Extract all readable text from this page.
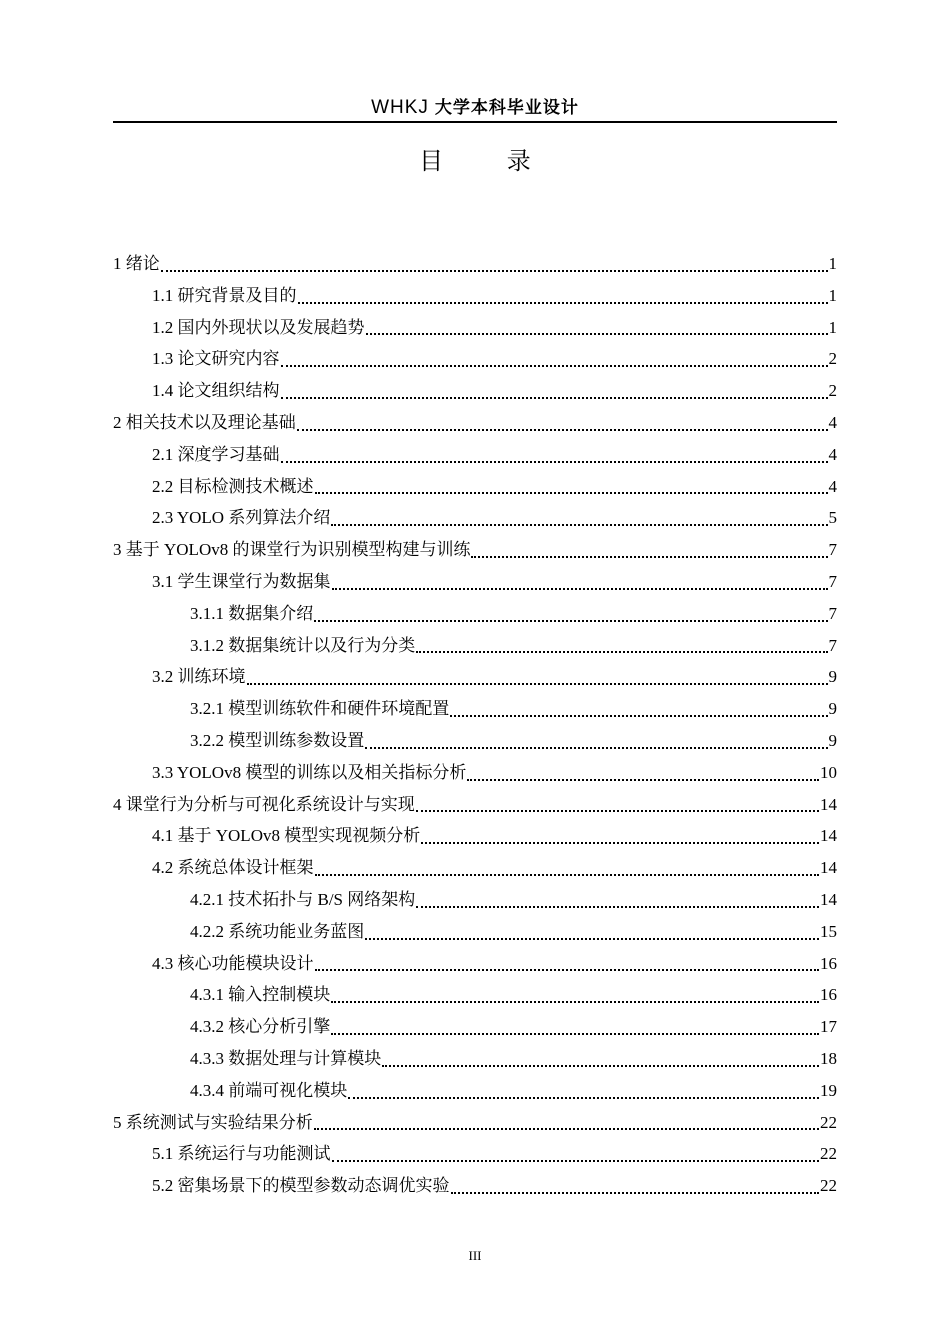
WHKJ 大学本科毕业设计
目 录
1 绪论	1
1.1 研究背景及目的	1
1.2 国内外现状以及发展趋势	1
1.3 论文研究内容	2
1.4 论文组织结构	2
2 相关技术以及理论基础	4
2.1 深度学习基础	4
2.2 目标检测技术概述	4
2.3 YOLO 系列算法介绍	5
3 基于 YOLOv8 的课堂行为识别模型构建与训练	7
3.1 学生课堂行为数据集	7
3.1.1 数据集介绍	7
3.1.2 数据集统计以及行为分类	7
3.2 训练环境	9
3.2.1 模型训练软件和硬件环境配置	9
3.2.2 模型训练参数设置	9
3.3 YOLOv8 模型的训练以及相关指标分析	10
4 课堂行为分析与可视化系统设计与实现	14
4.1 基于 YOLOv8 模型实现视频分析	14
4.2 系统总体设计框架	14
4.2.1 技术拓扑与 B/S 网络架构	14
4.2.2 系统功能业务蓝图	15
4.3 核心功能模块设计	16
4.3.1 输入控制模块	16
4.3.2 核心分析引擎	17
4.3.3 数据处理与计算模块	18
4.3.4 前端可视化模块	19
5 系统测试与实验结果分析	22
5.1 系统运行与功能测试	22
5.2 密集场景下的模型参数动态调优实验	22
III
